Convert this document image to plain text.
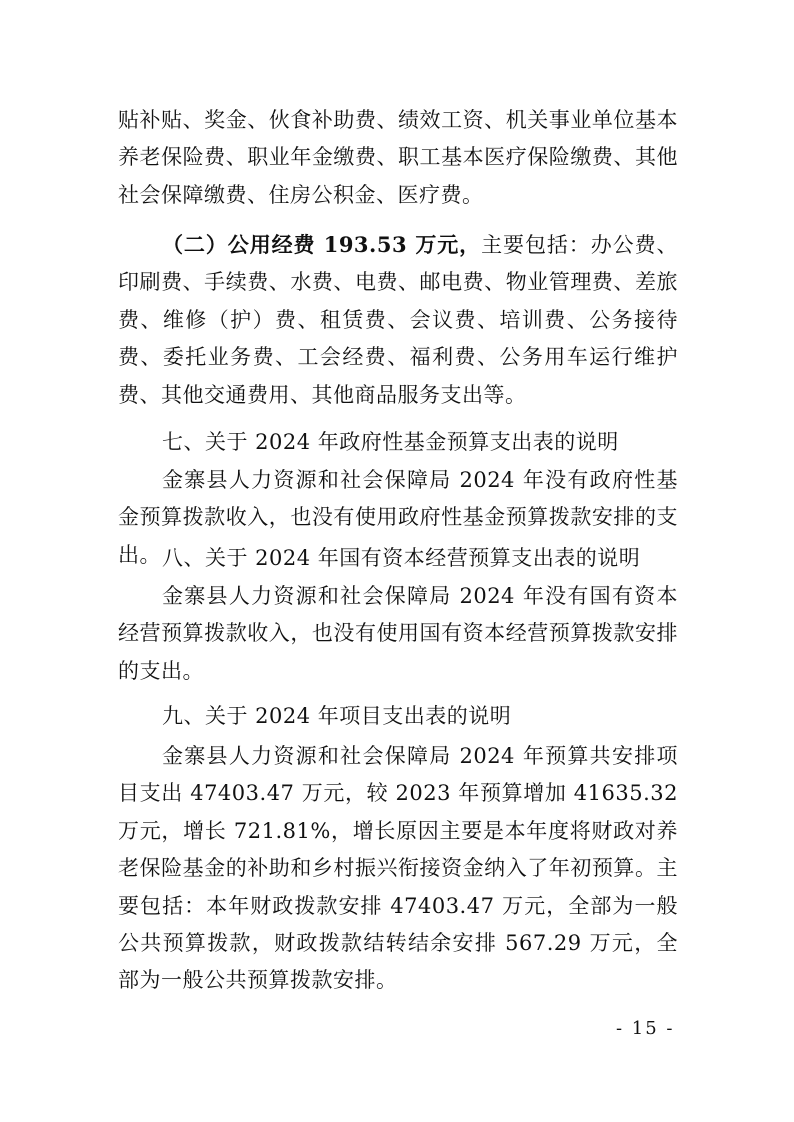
贴补贴、奖金、伙食补助费、绩效工资、机关事业单位基本养老保险费、职业年金缴费、职工基本医疗保险缴费、其他社会保障缴费、住房公积金、医疗费。

（二）公用经费 193.53 万元，主要包括：办公费、印刷费、手续费、水费、电费、邮电费、物业管理费、差旅费、维修（护）费、租赁费、会议费、培训费、公务接待费、委托业务费、工会经费、福利费、公务用车运行维护费、其他交通费用、其他商品服务支出等。

七、关于 2024 年政府性基金预算支出表的说明

金寨县人力资源和社会保障局 2024 年没有政府性基金预算拨款收入，也没有使用政府性基金预算拨款安排的支出。 八、关于 2024 年国有资本经营预算支出表的说明

金寨县人力资源和社会保障局 2024 年没有国有资本经营预算拨款收入，也没有使用国有资本经营预算拨款安排的支出。

九、关于 2024 年项目支出表的说明

金寨县人力资源和社会保障局 2024 年预算共安排项目支出 47403.47 万元，较 2023 年预算增加 41635.32 万元，增长 721.81%，增长原因主要是本年度将财政对养老保险基金的补助和乡村振兴衔接资金纳入了年初预算。主要包括：本年财政拨款安排 47403.47 万元，全部为一般公共预算拨款，财政拨款结转结余安排 567.29 万元，全部为一般公共预算拨款安排。

- 15 -
